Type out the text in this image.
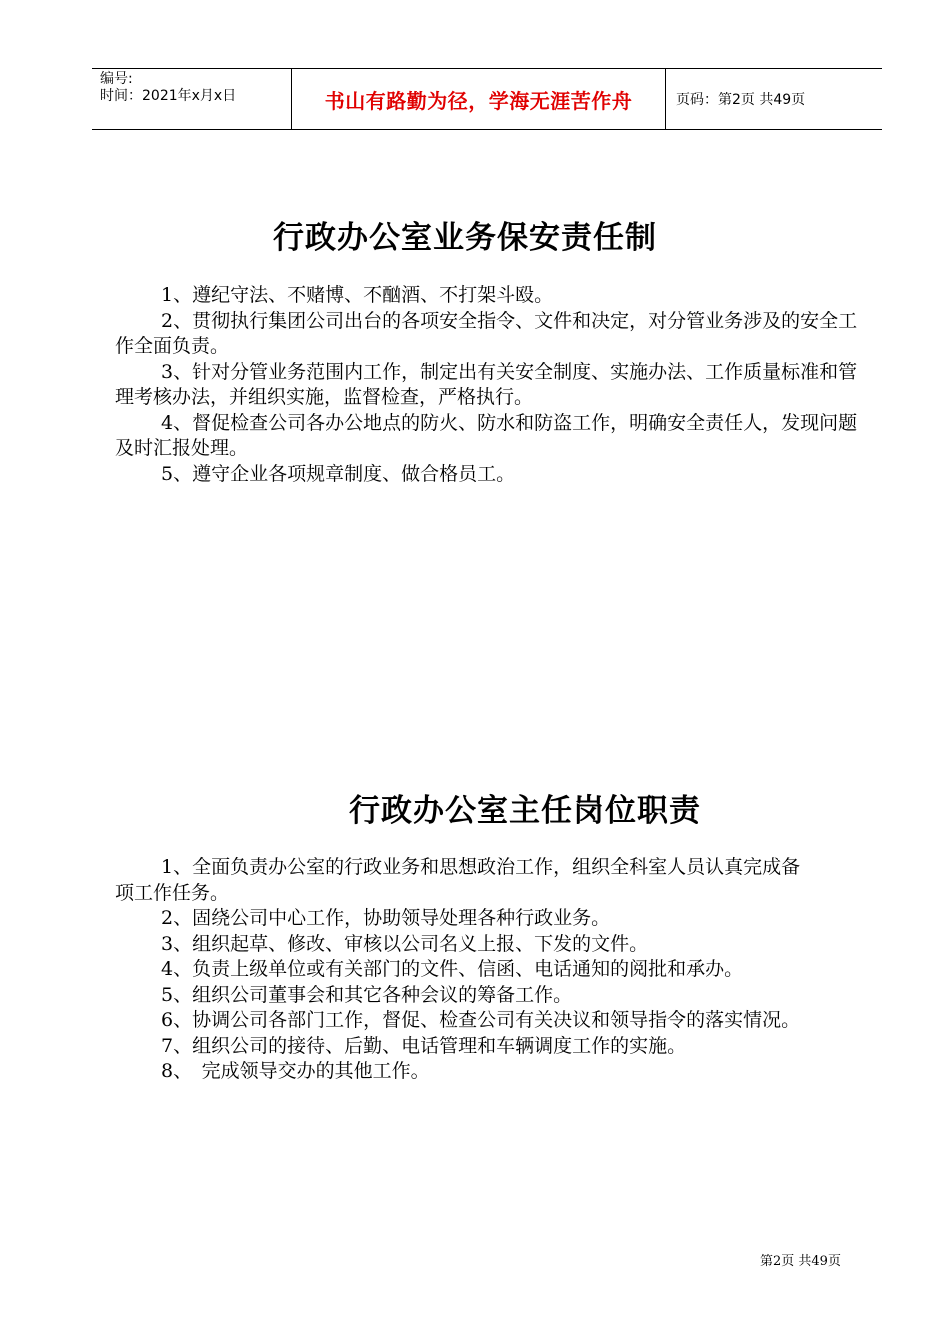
编号:
时间：2021年x月x日	书山有路勤为径，学海无涯苦作舟	页码：第2页 共49页
行政办公室业务保安责任制

1、遵纪守法、不赌博、不酗酒、不打架斗殴。

2、贯彻执行集团公司出台的各项安全指令、文件和决定，对分管业务涉及的安全工作全面负责。

3、针对分管业务范围内工作，制定出有关安全制度、实施办法、工作质量标准和管理考核办法，并组织实施，监督检查，严格执行。

4、督促检查公司各办公地点的防火、防水和防盗工作，明确安全责任人，发现问题及时汇报处理。

5、遵守企业各项规章制度、做合格员工。

行政办公室主任岗位职责

1、全面负责办公室的行政业务和思想政治工作，组织全科室人员认真完成备项工作任务。

2、固绕公司中心工作，协助领导处理各种行政业务。

3、组织起草、修改、审核以公司名义上报、下发的文件。

4、负责上级单位或有关部门的文件、信函、电话通知的阅批和承办。

5、组织公司董事会和其它各种会议的筹备工作。

6、协调公司各部门工作，督促、检查公司有关决议和领导指令的落实情况。

7、组织公司的接待、后勤、电话管理和车辆调度工作的实施。

8、　完成领导交办的其他工作。

第2页 共49页
